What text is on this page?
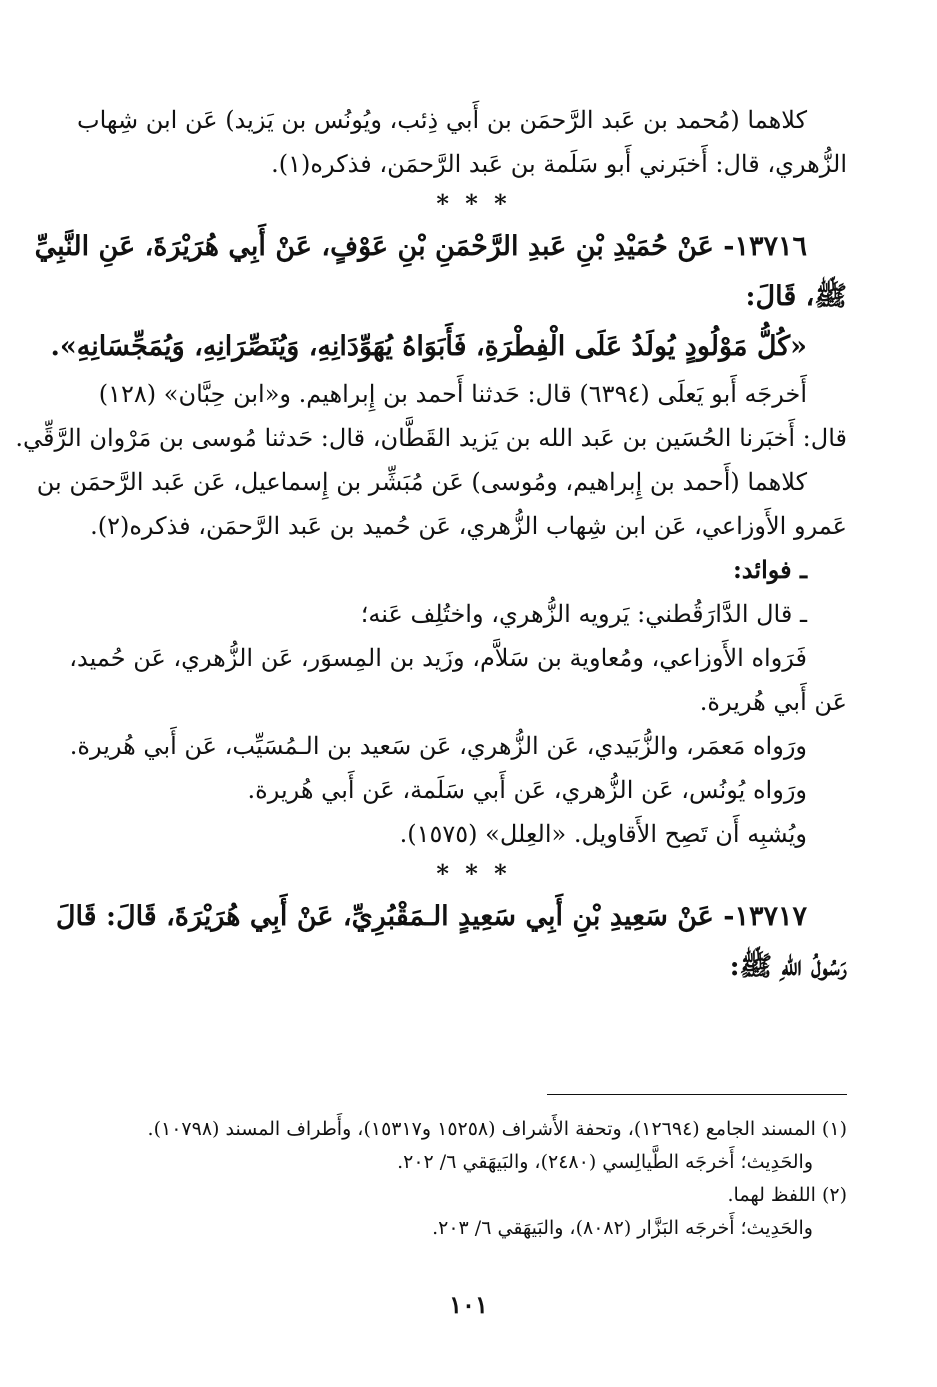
كلاهما (مُحمد بن عَبد الرَّحمَن بن أَبي ذِئب، ويُونُس بن يَزيد) عَن ابن شِهاب
الزُّهري، قال: أَخبَرني أَبو سَلَمة بن عَبد الرَّحمَن، فذكره(١).
* * *
١٣٧١٦- عَنْ حُمَيْدِ بْنِ عَبدِ الرَّحْمَنِ بْنِ عَوْفٍ، عَنْ أَبِي هُرَيْرَةَ، عَنِ النَّبِيِّ
ﷺ، قَالَ:
«كُلُّ مَوْلُودٍ يُولَدُ عَلَى الْفِطْرَةِ، فَأَبَوَاهُ يُهَوِّدَانِهِ، وَيُنَصِّرَانِهِ، وَيُمَجِّسَانِهِ».
أَخرجَه أَبو يَعلَى (٦٣٩٤) قال: حَدثنا أَحمد بن إِبراهيم. و«ابن حِبَّان» (١٢٨)
قال: أَخبَرنا الحُسَين بن عَبد الله بن يَزيد القَطَّان، قال: حَدثنا مُوسى بن مَرْوان الرَّقِّي.
كلاهما (أَحمد بن إِبراهيم، ومُوسى) عَن مُبَشِّر بن إِسماعيل، عَن عَبد الرَّحمَن بن
عَمرو الأَوزاعي، عَن ابن شِهاب الزُّهري، عَن حُميد بن عَبد الرَّحمَن، فذكره(٢).
ـ فوائد:
ـ قال الدَّارَقُطني: يَرويه الزُّهري، واختُلِف عَنه؛
فَرَواه الأَوزاعي، ومُعاوية بن سَلاَّم، وزَيد بن المِسوَر، عَن الزُّهري، عَن حُميد،
عَن أَبي هُريرة.
ورَواه مَعمَر، والزُّبَيدي، عَن الزُّهري، عَن سَعيد بن الـمُسَيِّب، عَن أَبي هُريرة.
ورَواه يُونُس، عَن الزُّهري، عَن أَبي سَلَمة، عَن أَبي هُريرة.
ويُشبِه أَن تَصِح الأَقاويل. «العِلل» (١٥٧٥).
* * *
١٣٧١٧- عَنْ سَعِيدِ بْنِ أَبِي سَعِيدٍ الـمَقْبُرِيِّ، عَنْ أَبِي هُرَيْرَةَ، قَالَ: قَالَ
رَسُولُ اللهِ ﷺ:
(١) المسند الجامع (١٢٦٩٤)، وتحفة الأَشراف (١٥٢٥٨ و١٥٣١٧)، وأَطراف المسند (١٠٧٩٨).
والحَدِيث؛ أَخرجَه الطَّيالِسي (٢٤٨٠)، والبَيهَقي ٦/ ٢٠٢.
(٢) اللفظ لهما.
والحَدِيث؛ أَخرجَه البَزَّار (٨٠٨٢)، والبَيهَقي ٦/ ٢٠٣.
١٠١
